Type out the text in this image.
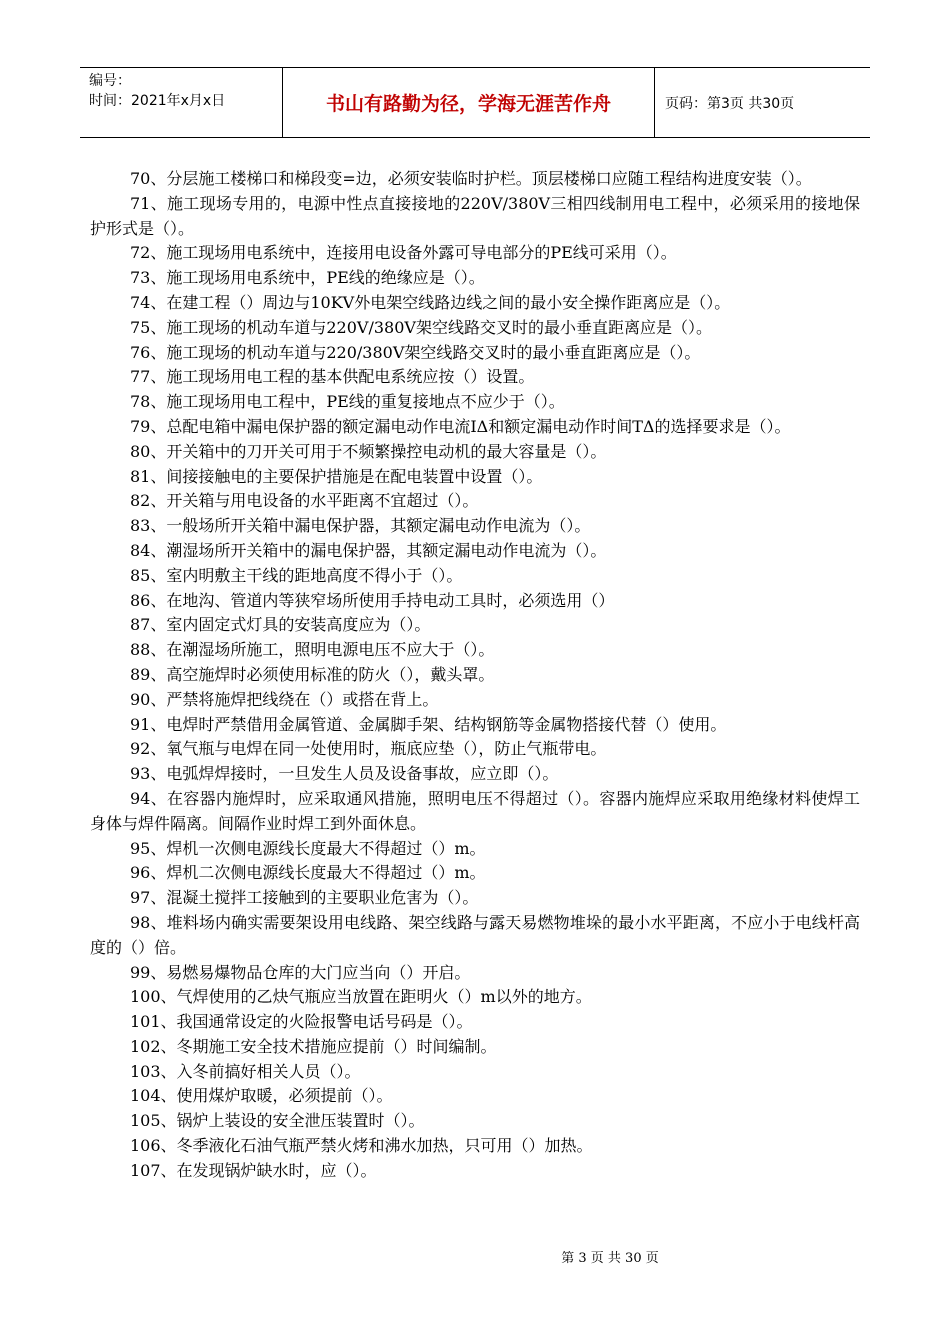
编号：
时间：2021年x月x日	书山有路勤为径，学海无涯苦作舟	页码：第3页 共30页

70、分层施工楼梯口和梯段变=边，必须安装临时护栏。顶层楼梯口应随工程结构进度安装（）。

71、施工现场专用的，电源中性点直接接地的220V/380V三相四线制用电工程中，必须采用的接地保护形式是（）。

72、施工现场用电系统中，连接用电设备外露可导电部分的PE线可采用（）。

73、施工现场用电系统中，PE线的绝缘应是（）。

74、在建工程（）周边与10KV外电架空线路边线之间的最小安全操作距离应是（）。

75、施工现场的机动车道与220V/380V架空线路交叉时的最小垂直距离应是（）。

76、施工现场的机动车道与220/380V架空线路交叉时的最小垂直距离应是（）。

77、施工现场用电工程的基本供配电系统应按（）设置。

78、施工现场用电工程中，PE线的重复接地点不应少于（）。

79、总配电箱中漏电保护器的额定漏电动作电流IΔ和额定漏电动作时间TΔ的选择要求是（）。

80、开关箱中的刀开关可用于不频繁操控电动机的最大容量是（）。

81、间接接触电的主要保护措施是在配电装置中设置（）。

82、开关箱与用电设备的水平距离不宜超过（）。

83、一般场所开关箱中漏电保护器，其额定漏电动作电流为（）。

84、潮湿场所开关箱中的漏电保护器，其额定漏电动作电流为（）。

85、室内明敷主干线的距地高度不得小于（）。

86、在地沟、管道内等狭窄场所使用手持电动工具时，必须选用（）

87、室内固定式灯具的安装高度应为（）。

88、在潮湿场所施工，照明电源电压不应大于（）。

89、高空施焊时必须使用标准的防火（），戴头罩。

90、严禁将施焊把线绕在（）或搭在背上。

91、电焊时严禁借用金属管道、金属脚手架、结构钢筋等金属物搭接代替（）使用。

92、氧气瓶与电焊在同一处使用时，瓶底应垫（），防止气瓶带电。

93、电弧焊焊接时，一旦发生人员及设备事故，应立即（）。

94、在容器内施焊时，应采取通风措施，照明电压不得超过（）。容器内施焊应采取用绝缘材料使焊工身体与焊件隔离。间隔作业时焊工到外面休息。

95、焊机一次侧电源线长度最大不得超过（）m。

96、焊机二次侧电源线长度最大不得超过（）m。

97、混凝土搅拌工接触到的主要职业危害为（）。

98、堆料场内确实需要架设用电线路、架空线路与露天易燃物堆垛的最小水平距离，不应小于电线杆高度的（）倍。

99、易燃易爆物品仓库的大门应当向（）开启。

100、气焊使用的乙炔气瓶应当放置在距明火（）m以外的地方。

101、我国通常设定的火险报警电话号码是（）。

102、冬期施工安全技术措施应提前（）时间编制。

103、入冬前搞好相关人员（）。

104、使用煤炉取暖，必须提前（）。

105、锅炉上装设的安全泄压装置时（）。

106、冬季液化石油气瓶严禁火烤和沸水加热，只可用（）加热。

107、在发现锅炉缺水时，应（）。

第 3 页 共 30 页
